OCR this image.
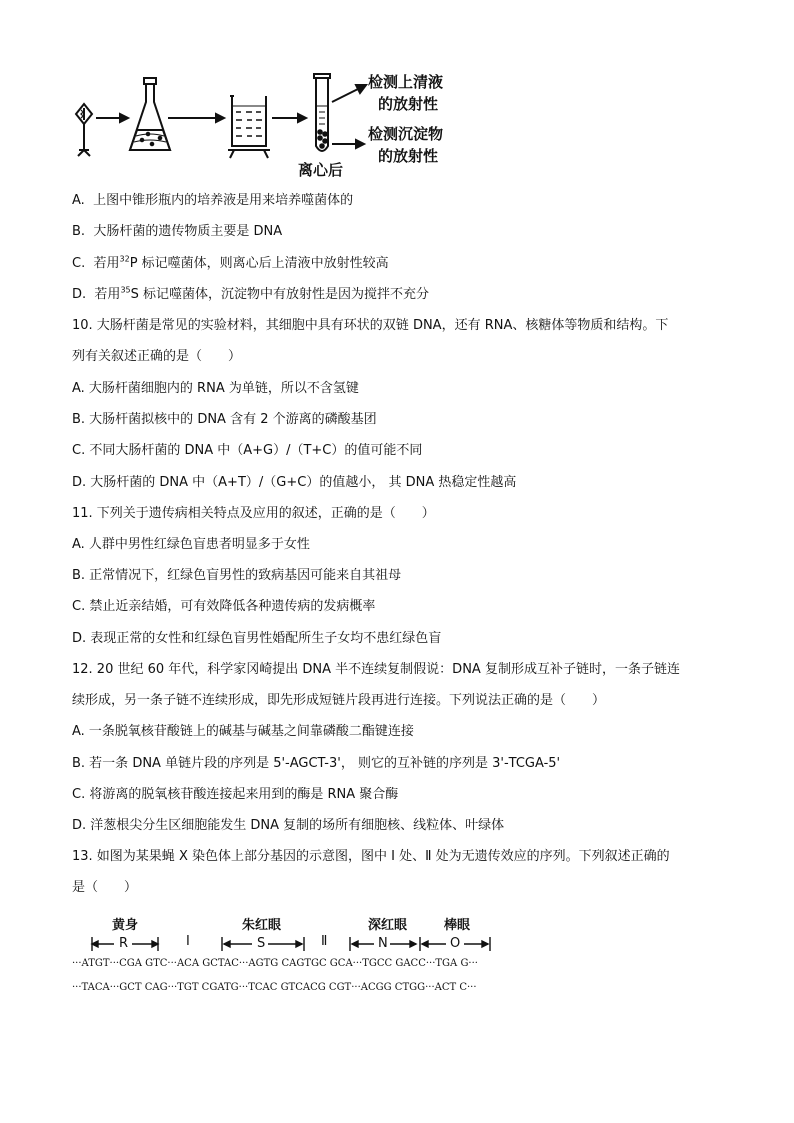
检测上清液
的放射性
检测沉淀物
的放射性
离心后
A. 上图中锥形瓶内的培养液是用来培养噬菌体的
B. 大肠杆菌的遗传物质主要是 DNA
C. 若用$^{32}$P 标记噬菌体，则离心后上清液中放射性较高
D. 若用$^{35}$S 标记噬菌体，沉淀物中有放射性是因为搅拌不充分
10. 大肠杆菌是常见的实验材料，其细胞中具有环状的双链 DNA，还有 RNA、核糖体等物质和结构。下
列有关叙述正确的是（　　）
A. 大肠杆菌细胞内的 RNA 为单链，所以不含氢键
B. 大肠杆菌拟核中的 DNA 含有 2 个游离的磷酸基团
C. 不同大肠杆菌的 DNA 中（A+G）/（T+C）的值可能不同
D. 大肠杆菌的 DNA 中（A+T）/（G+C）的值越小， 其 DNA 热稳定性越高
11. 下列关于遗传病相关特点及应用的叙述，正确的是（　　）
A. 人群中男性红绿色盲患者明显多于女性
B. 正常情况下，红绿色盲男性的致病基因可能来自其祖母
C. 禁止近亲结婚，可有效降低各种遗传病的发病概率
D. 表现正常的女性和红绿色盲男性婚配所生子女均不患红绿色盲
12. 20 世纪 60 年代，科学家冈崎提出 DNA 半不连续复制假说：DNA 复制形成互补子链时，一条子链连
续形成，另一条子链不连续形成，即先形成短链片段再进行连接。下列说法正确的是（　　）
A. 一条脱氧核苷酸链上的碱基与碱基之间靠磷酸二酯键连接
B. 若一条 DNA 单链片段的序列是 5'-AGCT-3'， 则它的互补链的序列是 3'-TCGA-5'
C. 将游离的脱氧核苷酸连接起来用到的酶是 RNA 聚合酶
D. 洋葱根尖分生区细胞能发生 DNA 复制的场所有细胞核、线粒体、叶绿体
13. 如图为某果蝇 X 染色体上部分基因的示意图，图中 Ⅰ 处、Ⅱ 处为无遗传效应的序列。下列叙述正确的
是（　　）
黄身	朱红眼	深红眼	棒眼
R	Ⅰ	S	Ⅱ	N	O
···ATGT···CGA GTC···ACA GCTAC···AGTG CAGTGC GCA···TGCC GACC···TGA G···
···TACA···GCT CAG···TGT CGATG···TCAC GTCACG CGT···ACGG CTGG···ACT C···
